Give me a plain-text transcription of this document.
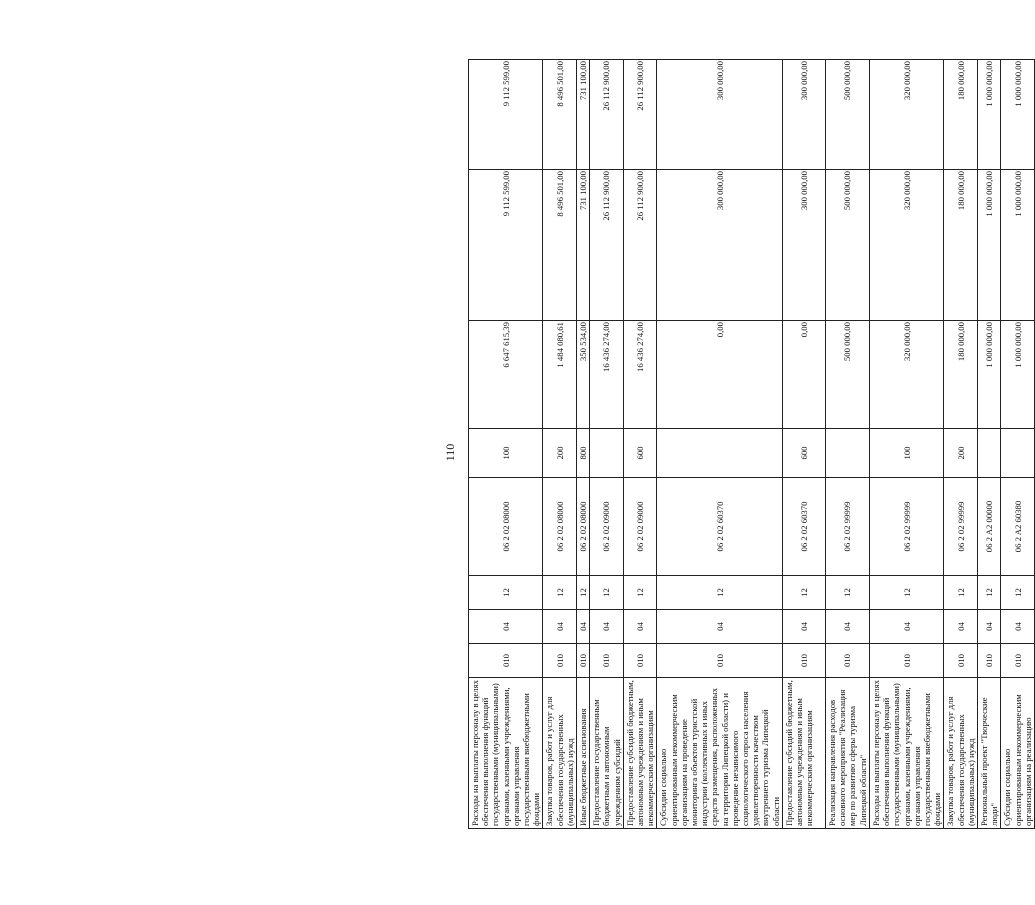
110
Расходы на выплаты персоналу в целях обеспечения выполнения функций государственными (муниципальными) органами, казенными учреждениями, органами управления государственными внебюджетными фондами	010	04	12	06 2 02 08000	100	6 647 615,39	9 112 599,00	9 112 599,00
Закупка товаров, работ и услуг для обеспечения государственных (муниципальных) нужд	010	04	12	06 2 02 08000	200	1 484 080,61	8 496 501,00	8 496 501,00
Иные бюджетные ассигнования	010	04	12	06 2 02 08000	800	350 534,00	731 100,00	731 100,00
Предоставление государственным бюджетным и автономным учреждениям субсидий	010	04	12	06 2 02 09000		16 436 274,00	26 112 900,00	26 112 900,00
Предоставление субсидий бюджетным, автономным учреждениям и иным некоммерческим организациям	010	04	12	06 2 02 09000	600	16 436 274,00	26 112 900,00	26 112 900,00
Субсидии социально ориентированным некоммерческим организациям на проведение мониторинга объектов туристской индустрии (коллективных и иных средств размещения, расположенных на территории Липецкой области) и проведение независимого социологического опроса населения удовлетворенности качеством внутреннего туризма Липецкой области	010	04	12	06 2 02 60370		0,00	300 000,00	300 000,00
Предоставление субсидий бюджетным, автономным учреждениям и иным некоммерческим организациям	010	04	12	06 2 02 60370	600	0,00	300 000,00	300 000,00
Реализация направления расходов основного мероприятия "Реализация мер по развитию сферы туризма Липецкой области"	010	04	12	06 2 02 99999		500 000,00	500 000,00	500 000,00
Расходы на выплаты персоналу в целях обеспечения выполнения функций государственными (муниципальными) органами, казенными учреждениями, органами управления государственными внебюджетными фондами	010	04	12	06 2 02 99999	100	320 000,00	320 000,00	320 000,00
Закупка товаров, работ и услуг для обеспечения государственных (муниципальных) нужд	010	04	12	06 2 02 99999	200	180 000,00	180 000,00	180 000,00
Региональный проект "Творческие люди"	010	04	12	06 2 A2 00000		1 000 000,00	1 000 000,00	1 000 000,00
Субсидии социально ориентированным некоммерческим организациям на реализацию	010	04	12	06 2 A2 60380		1 000 000,00	1 000 000,00	1 000 000,00
